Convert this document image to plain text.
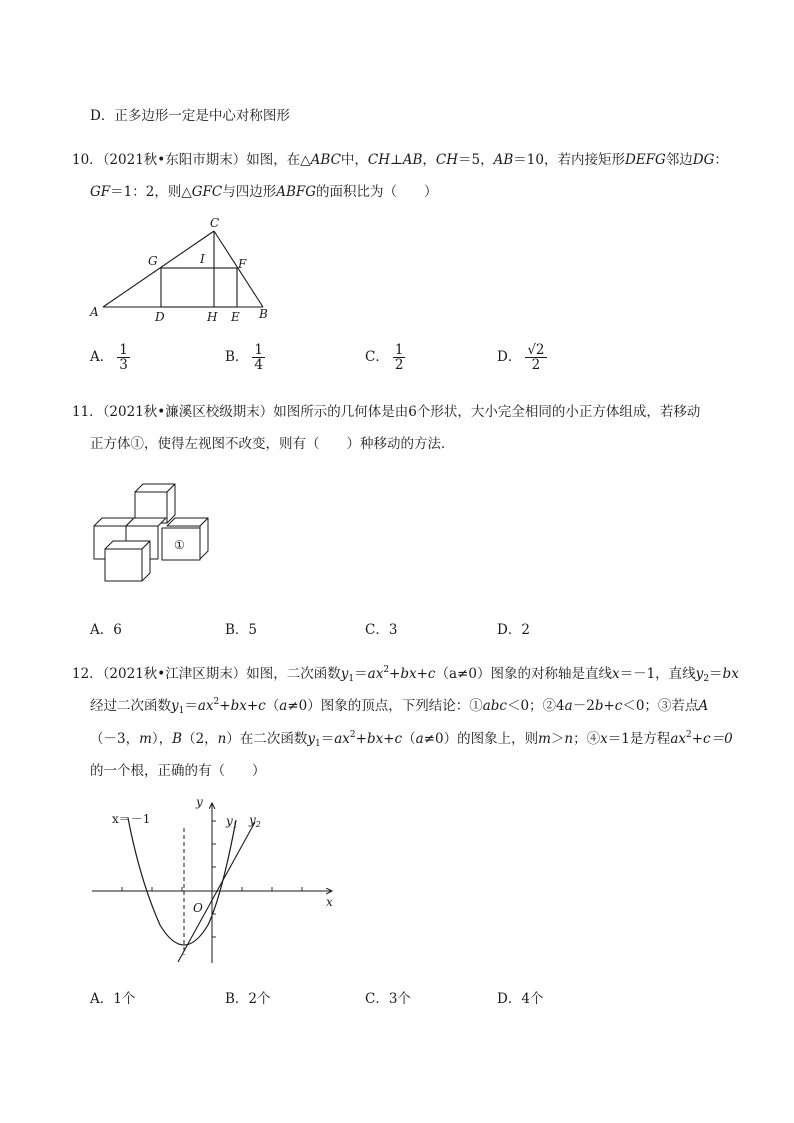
D．正多边形一定是中心对称图形
10．（2021秋•东阳市期末）如图，在△ABC中，CH⊥AB，CH＝5，AB＝10，若内接矩形DEFG邻边DG：
GF＝1：2，则△GFC与四边形ABFG的面积比为（　　）
A	B
C
D	E
F
G
H
I
A． $\frac{1}{3}$	B． $\frac{1}{4}$	C． $\frac{1}{2}$	D． $\frac{√2}{2}$
11．（2021秋•濂溪区校级期末）如图所示的几何体是由6个形状，大小完全相同的小正方体组成，若移动
正方体①，使得左视图不改变，则有（　　）种移动的方法．
①
A．6	B．5	C．3	D．2
12．（2021秋•江津区期末）如图，二次函数$y_1=ax^2+bx+c(a\ne 0)$图象的对称轴是直线x＝－1，直线$y_2=bx$
经过二次函数$y_1=ax^2+bx+c(a\ne 0)$图象的顶点，下列结论：①abc＜0；②4a－2b+c＜0；③若点A
（－3，m），B（2，n）在二次函数$y_1=ax^2+bx+c(a\ne 0)$的图象上，则m＞n；④x＝1是方程$ax^2+c=0$
的一个根，正确的有（　　）
x＝－1
y
x
O
$y_1$ $y_2$
A．1个	B．2个	C．3个	D．4个
